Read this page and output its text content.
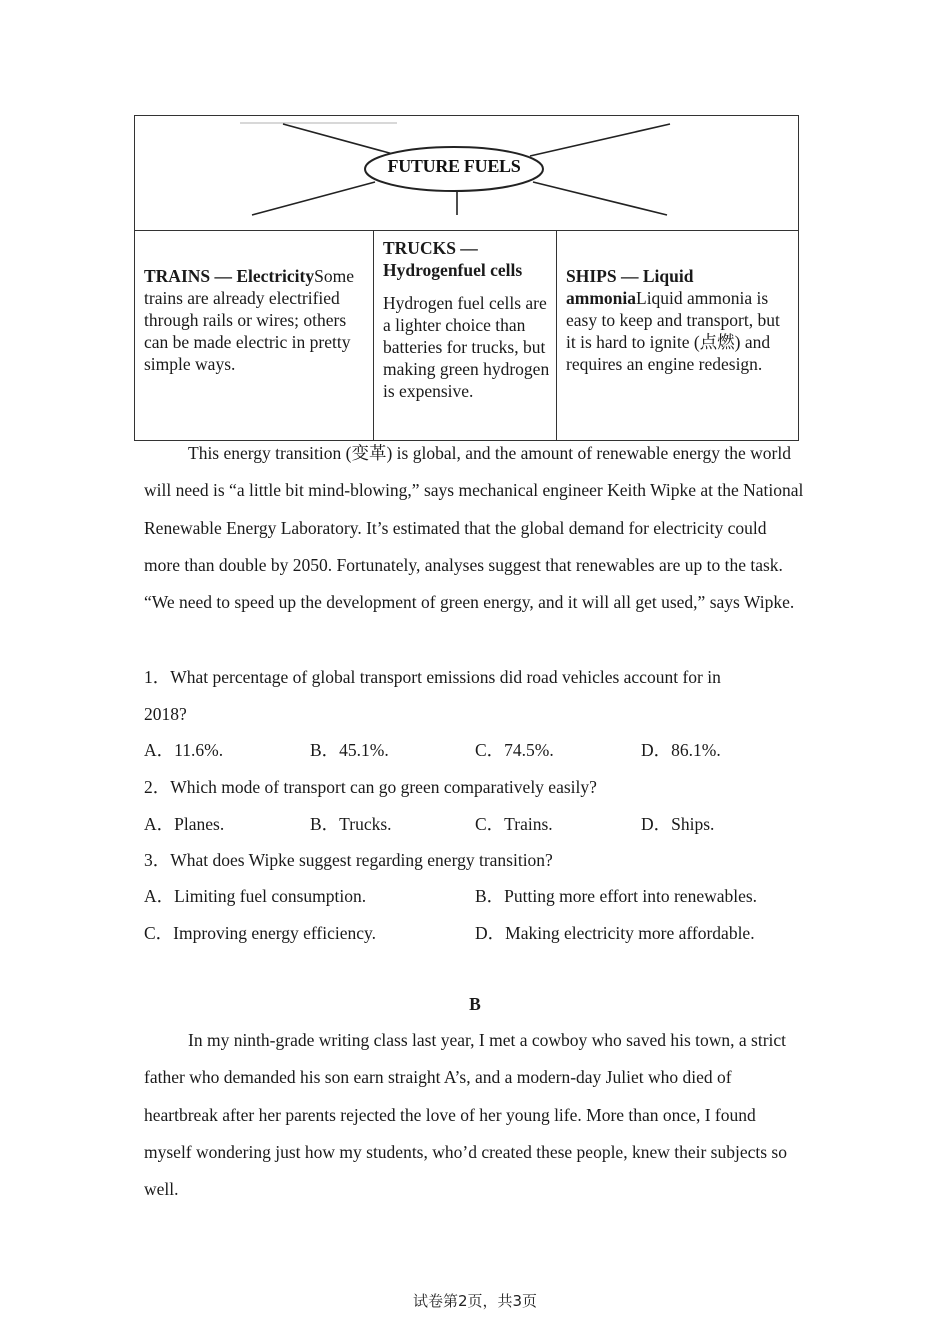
FUTURE FUELS
TRAINS — ElectricitySome trains are already electrified through rails or wires; others can be made electric in pretty simple ways.
TRUCKS — Hydrogenfuel cells
Hydrogen fuel cells are a lighter choice than batteries for trucks, but making green hydrogen is expensive.
SHIPS — Liquid ammoniaLiquid ammonia is easy to keep and transport, but it is hard to ignite (点燃) and requires an engine redesign.

This energy transition (变革) is global, and the amount of renewable energy the world will need is “a little bit mind-blowing,” says mechanical engineer Keith Wipke at the National Renewable Energy Laboratory. It’s estimated that the global demand for electricity could more than double by 2050. Fortunately, analyses suggest that renewables are up to the task. “We need to speed up the development of green energy, and it will all get used,” says Wipke.

1．What percentage of global transport emissions did road vehicles account for in
2018?
A．11.6%.	B．45.1%.	C．74.5%.	D．86.1%.
2．Which mode of transport can go green comparatively easily?
A．Planes.	B．Trucks.	C．Trains.	D．Ships.
3．What does Wipke suggest regarding energy transition?
A．Limiting fuel consumption.	B．Putting more effort into renewables.
C．Improving energy efficiency.	D．Making electricity more affordable.
B

In my ninth-grade writing class last year, I met a cowboy who saved his town, a strict father who demanded his son earn straight A’s, and a modern-day Juliet who died of heartbreak after her parents rejected the love of her young life. More than once, I found myself wondering just how my students, who’d created these people, knew their subjects so well.

试卷第2页，共3页
